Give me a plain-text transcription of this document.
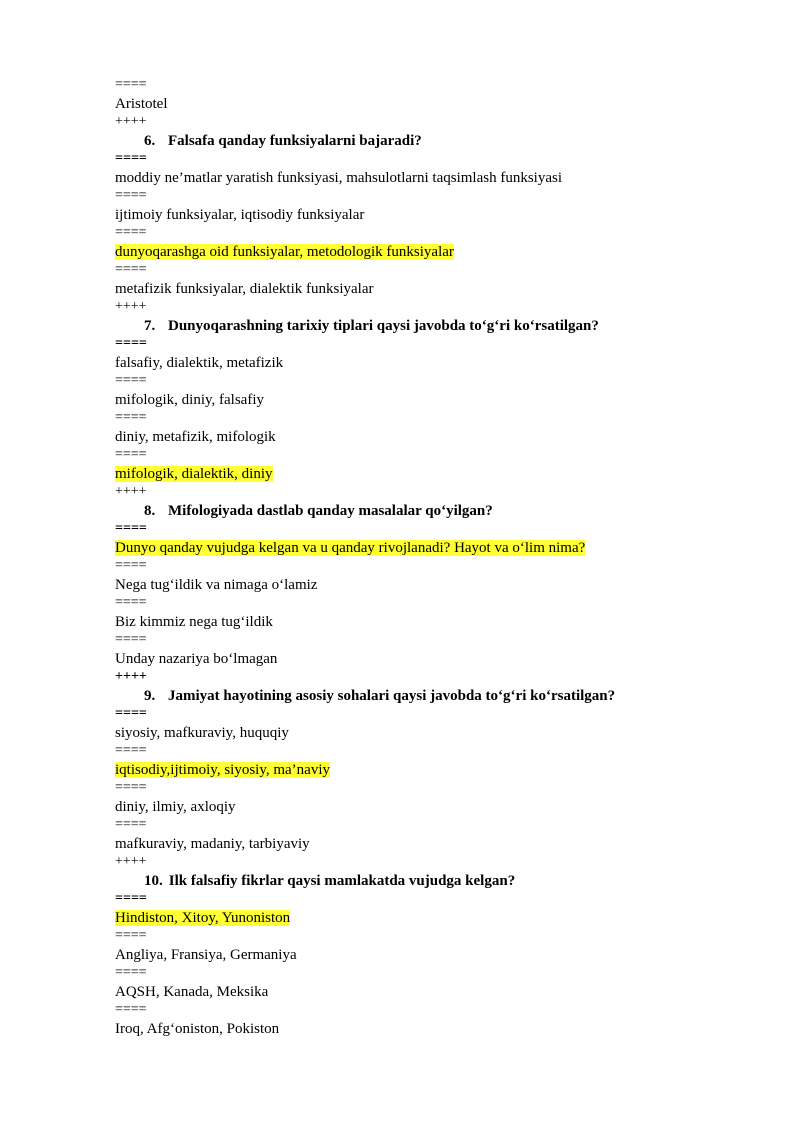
====
Aristotel
++++
6. Falsafa qanday funksiyalarni bajaradi?
====
moddiy ne’matlar yaratish funksiyasi, mahsulotlarni taqsimlash funksiyasi
====
ijtimoiy funksiyalar, iqtisodiy funksiyalar
====
dunyoqarashga oid funksiyalar, metodologik funksiyalar
====
metafizik funksiyalar, dialektik funksiyalar
++++
7. Dunyoqarashning tarixiy tiplari qaysi javobda to‘g‘ri ko‘rsatilgan?
====
falsafiy, dialektik, metafizik
====
mifologik, diniy, falsafiy
====
diniy, metafizik, mifologik
====
mifologik, dialektik, diniy
++++
8. Mifologiyada dastlab qanday masalalar qo‘yilgan?
====
Dunyo qanday vujudga kelgan va u qanday rivojlanadi? Hayot va o‘lim nima?
====
Nega tug‘ildik va nimaga o‘lamiz
====
Biz kimmiz nega tug‘ildik
====
Unday nazariya bo‘lmagan
++++
9. Jamiyat hayotining asosiy sohalari qaysi javobda to‘g‘ri ko‘rsatilgan?
====
siyosiy, mafkuraviy, huquqiy
====
iqtisodiy,ijtimoiy, siyosiy, ma’naviy
====
diniy, ilmiy, axloqiy
====
mafkuraviy, madaniy, tarbiyaviy
++++
10. Ilk falsafiy fikrlar qaysi mamlakatda vujudga kelgan?
====
Hindiston, Xitoy, Yunoniston
====
Angliya, Fransiya, Germaniya
====
AQSH, Kanada, Meksika
====
Iroq, Afg‘oniston, Pokiston
